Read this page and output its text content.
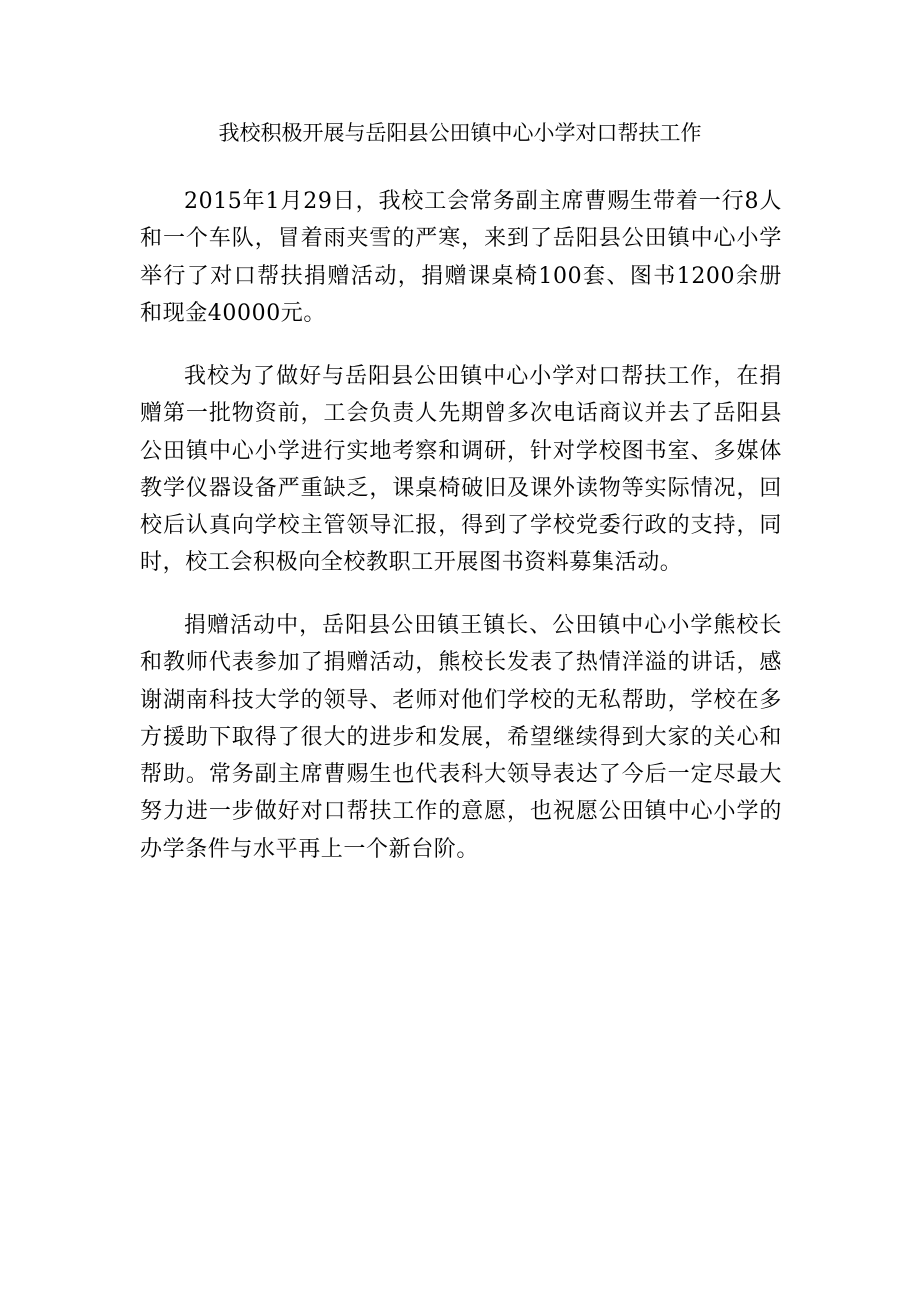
我校积极开展与岳阳县公田镇中心小学对口帮扶工作

2015年1月29日，我校工会常务副主席曹赐生带着一行8人和一个车队，冒着雨夹雪的严寒，来到了岳阳县公田镇中心小学举行了对口帮扶捐赠活动，捐赠课桌椅100套、图书1200余册和现金40000元。

我校为了做好与岳阳县公田镇中心小学对口帮扶工作，在捐赠第一批物资前，工会负责人先期曾多次电话商议并去了岳阳县公田镇中心小学进行实地考察和调研，针对学校图书室、多媒体教学仪器设备严重缺乏，课桌椅破旧及课外读物等实际情况，回校后认真向学校主管领导汇报，得到了学校党委行政的支持，同时，校工会积极向全校教职工开展图书资料募集活动。

捐赠活动中，岳阳县公田镇王镇长、公田镇中心小学熊校长和教师代表参加了捐赠活动，熊校长发表了热情洋溢的讲话，感谢湖南科技大学的领导、老师对他们学校的无私帮助，学校在多方援助下取得了很大的进步和发展，希望继续得到大家的关心和帮助。常务副主席曹赐生也代表科大领导表达了今后一定尽最大努力进一步做好对口帮扶工作的意愿，也祝愿公田镇中心小学的办学条件与水平再上一个新台阶。
